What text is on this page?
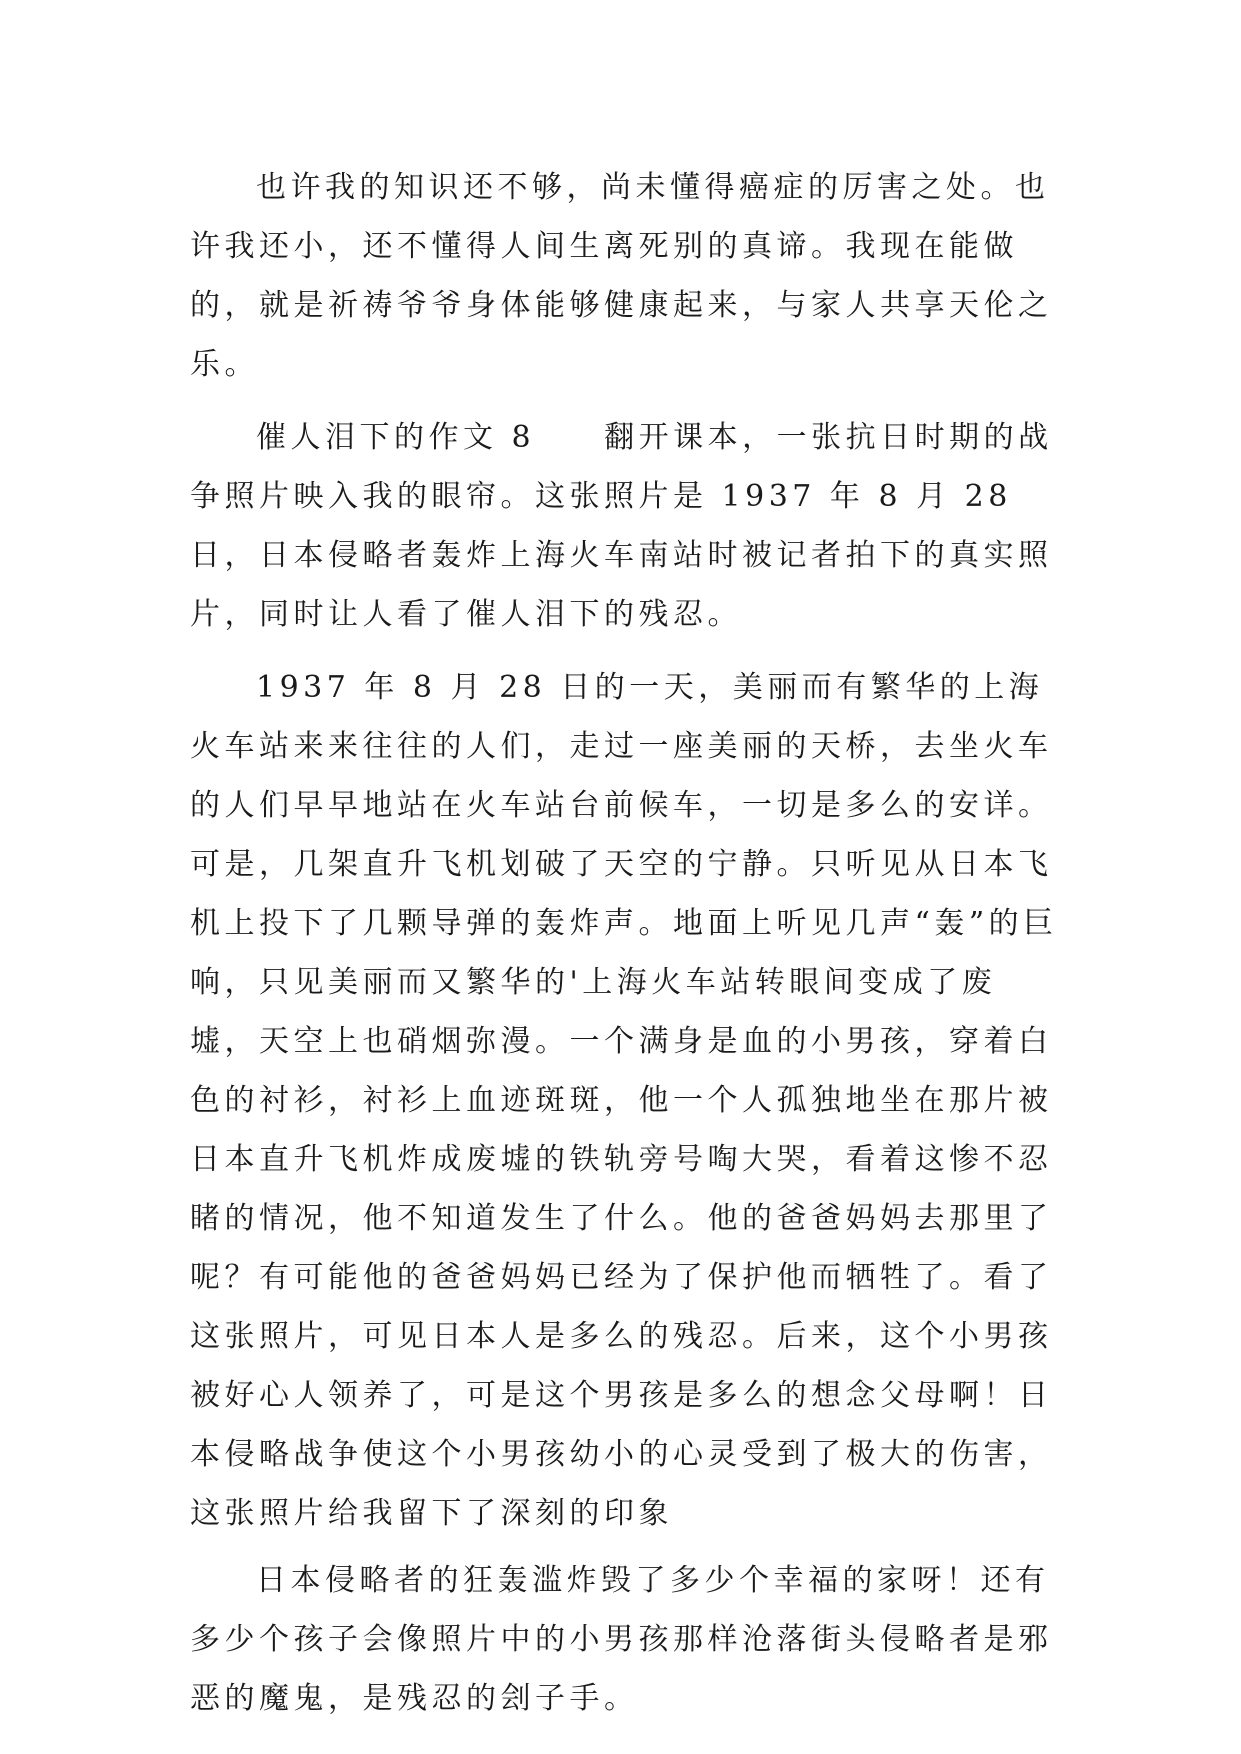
也许我的知识还不够，尚未懂得癌症的厉害之处。也许我还小，还不懂得人间生离死别的真谛。我现在能做的，就是祈祷爷爷身体能够健康起来，与家人共享天伦之乐。

催人泪下的作文 8　　翻开课本，一张抗日时期的战争照片映入我的眼帘。这张照片是 1937 年 8 月 28 日，日本侵略者轰炸上海火车南站时被记者拍下的真实照片，同时让人看了催人泪下的残忍。

1937 年 8 月 28 日的一天，美丽而有繁华的上海火车站来来往往的人们，走过一座美丽的天桥，去坐火车的人们早早地站在火车站台前候车，一切是多么的安详。可是，几架直升飞机划破了天空的宁静。只听见从日本飞机上投下了几颗导弹的轰炸声。地面上听见几声“轰”的巨响，只见美丽而又繁华的'上海火车站转眼间变成了废墟，天空上也硝烟弥漫。一个满身是血的小男孩，穿着白色的衬衫，衬衫上血迹斑斑，他一个人孤独地坐在那片被日本直升飞机炸成废墟的铁轨旁号啕大哭，看着这惨不忍睹的情况，他不知道发生了什么。他的爸爸妈妈去那里了呢？有可能他的爸爸妈妈已经为了保护他而牺牲了。看了这张照片，可见日本人是多么的残忍。后来，这个小男孩被好心人领养了，可是这个男孩是多么的想念父母啊！日本侵略战争使这个小男孩幼小的心灵受到了极大的伤害，这张照片给我留下了深刻的印象

日本侵略者的狂轰滥炸毁了多少个幸福的家呀！还有多少个孩子会像照片中的小男孩那样沧落街头侵略者是邪恶的魔鬼，是残忍的刽子手。
